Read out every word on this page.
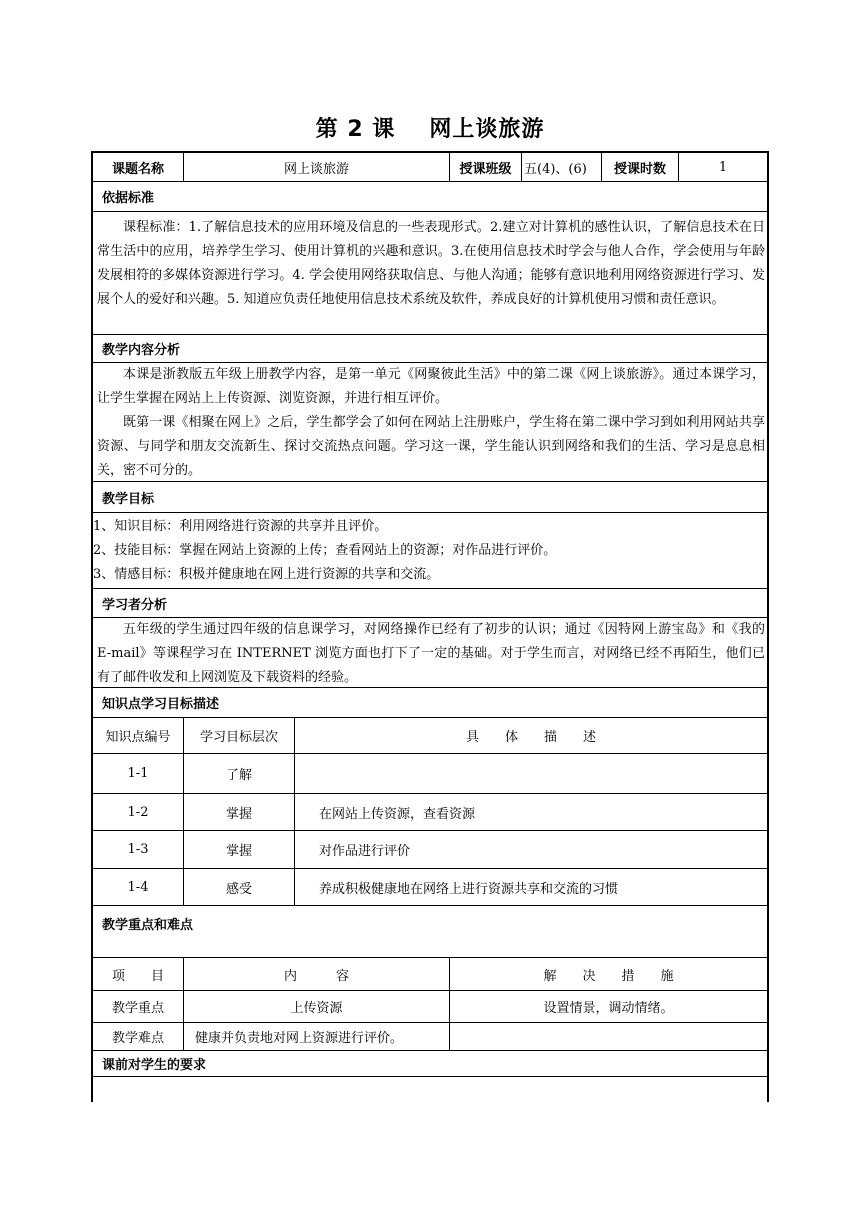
第 2 课 网上谈旅游
课题名称	网上谈旅游	授课班级 五(4)、(6)	授课时数	1
依据标准
课程标准：1.了解信息技术的应用环境及信息的一些表现形式。2.建立对计算机的感性认识，了解信息技术在日常生活中的应用，培养学生学习、使用计算机的兴趣和意识。3.在使用信息技术时学会与他人合作，学会使用与年龄发展相符的多媒体资源进行学习。4. 学会使用网络获取信息、与他人沟通；能够有意识地利用网络资源进行学习、发展个人的爱好和兴趣。5. 知道应负责任地使用信息技术系统及软件，养成良好的计算机使用习惯和责任意识。
教学内容分析
本课是浙教版五年级上册教学内容，是第一单元《网聚彼此生活》中的第二课《网上谈旅游》。通过本课学习，让学生掌握在网站上上传资源、浏览资源，并进行相互评价。
既第一课《相聚在网上》之后，学生都学会了如何在网站上注册账户，学生将在第二课中学习到如利用网站共享资源、与同学和朋友交流新生、探讨交流热点问题。学习这一课，学生能认识到网络和我们的生活、学习是息息相关，密不可分的。
教学目标
1、知识目标：利用网络进行资源的共享并且评价。
2、技能目标：掌握在网站上资源的上传；查看网站上的资源；对作品进行评价。
3、情感目标：积极并健康地在网上进行资源的共享和交流。
学习者分析
五年级的学生通过四年级的信息课学习，对网络操作已经有了初步的认识；通过《因特网上游宝岛》和《我的 E-mail》等课程学习在 INTERNET 浏览方面也打下了一定的基础。对于学生而言，对网络已经不再陌生，他们已有了邮件收发和上网浏览及下载资料的经验。
知识点学习目标描述
知识点编号	学习目标层次	具　　体　　描　　述
1-1	了解
1-2	掌握	在网站上传资源，查看资源
1-3	掌握	对作品进行评价
1-4	感受	养成积极健康地在网络上进行资源共享和交流的习惯
教学重点和难点
项　　目	内　　　容	解　　决　　措　　施
教学重点	上传资源	设置情景，调动情绪。
教学难点	健康并负责地对网上资源进行评价。
课前对学生的要求
